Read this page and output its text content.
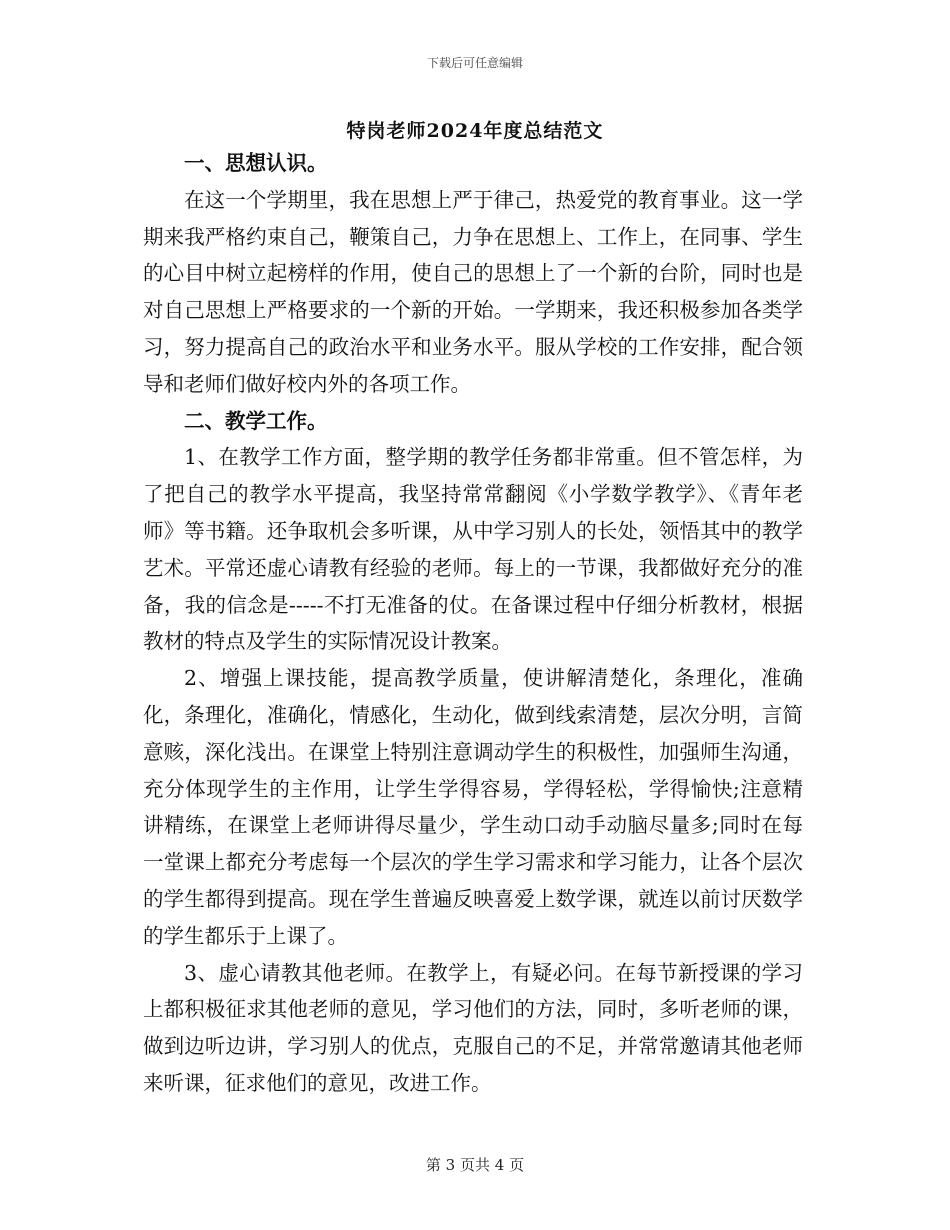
下载后可任意编辑
特岗老师2024年度总结范文

一、思想认识。

在这一个学期里，我在思想上严于律己，热爱党的教育事业。这一学期来我严格约束自己，鞭策自己，力争在思想上、工作上，在同事、学生的心目中树立起榜样的作用，使自己的思想上了一个新的台阶，同时也是对自己思想上严格要求的一个新的开始。一学期来，我还积极参加各类学习，努力提高自己的政治水平和业务水平。服从学校的工作安排，配合领导和老师们做好校内外的各项工作。

二、教学工作。

1、在教学工作方面，整学期的教学任务都非常重。但不管怎样，为了把自己的教学水平提高，我坚持常常翻阅《小学数学教学》、《青年老师》等书籍。还争取机会多听课，从中学习别人的长处，领悟其中的教学艺术。平常还虚心请教有经验的老师。每上的一节课，我都做好充分的准备，我的信念是-----不打无准备的仗。在备课过程中仔细分析教材，根据教材的特点及学生的实际情况设计教案。

2、增强上课技能，提高教学质量，使讲解清楚化，条理化，准确化，条理化，准确化，情感化，生动化，做到线索清楚，层次分明，言简意赅，深化浅出。在课堂上特别注意调动学生的积极性，加强师生沟通，充分体现学生的主作用，让学生学得容易，学得轻松，学得愉快;注意精讲精练，在课堂上老师讲得尽量少，学生动口动手动脑尽量多;同时在每一堂课上都充分考虑每一个层次的学生学习需求和学习能力，让各个层次的学生都得到提高。现在学生普遍反映喜爱上数学课，就连以前讨厌数学的学生都乐于上课了。

3、虚心请教其他老师。在教学上，有疑必问。在每节新授课的学习上都积极征求其他老师的意见，学习他们的方法，同时，多听老师的课，做到边听边讲，学习别人的优点，克服自己的不足，并常常邀请其他老师来听课，征求他们的意见，改进工作。

第 3 页共 4 页
